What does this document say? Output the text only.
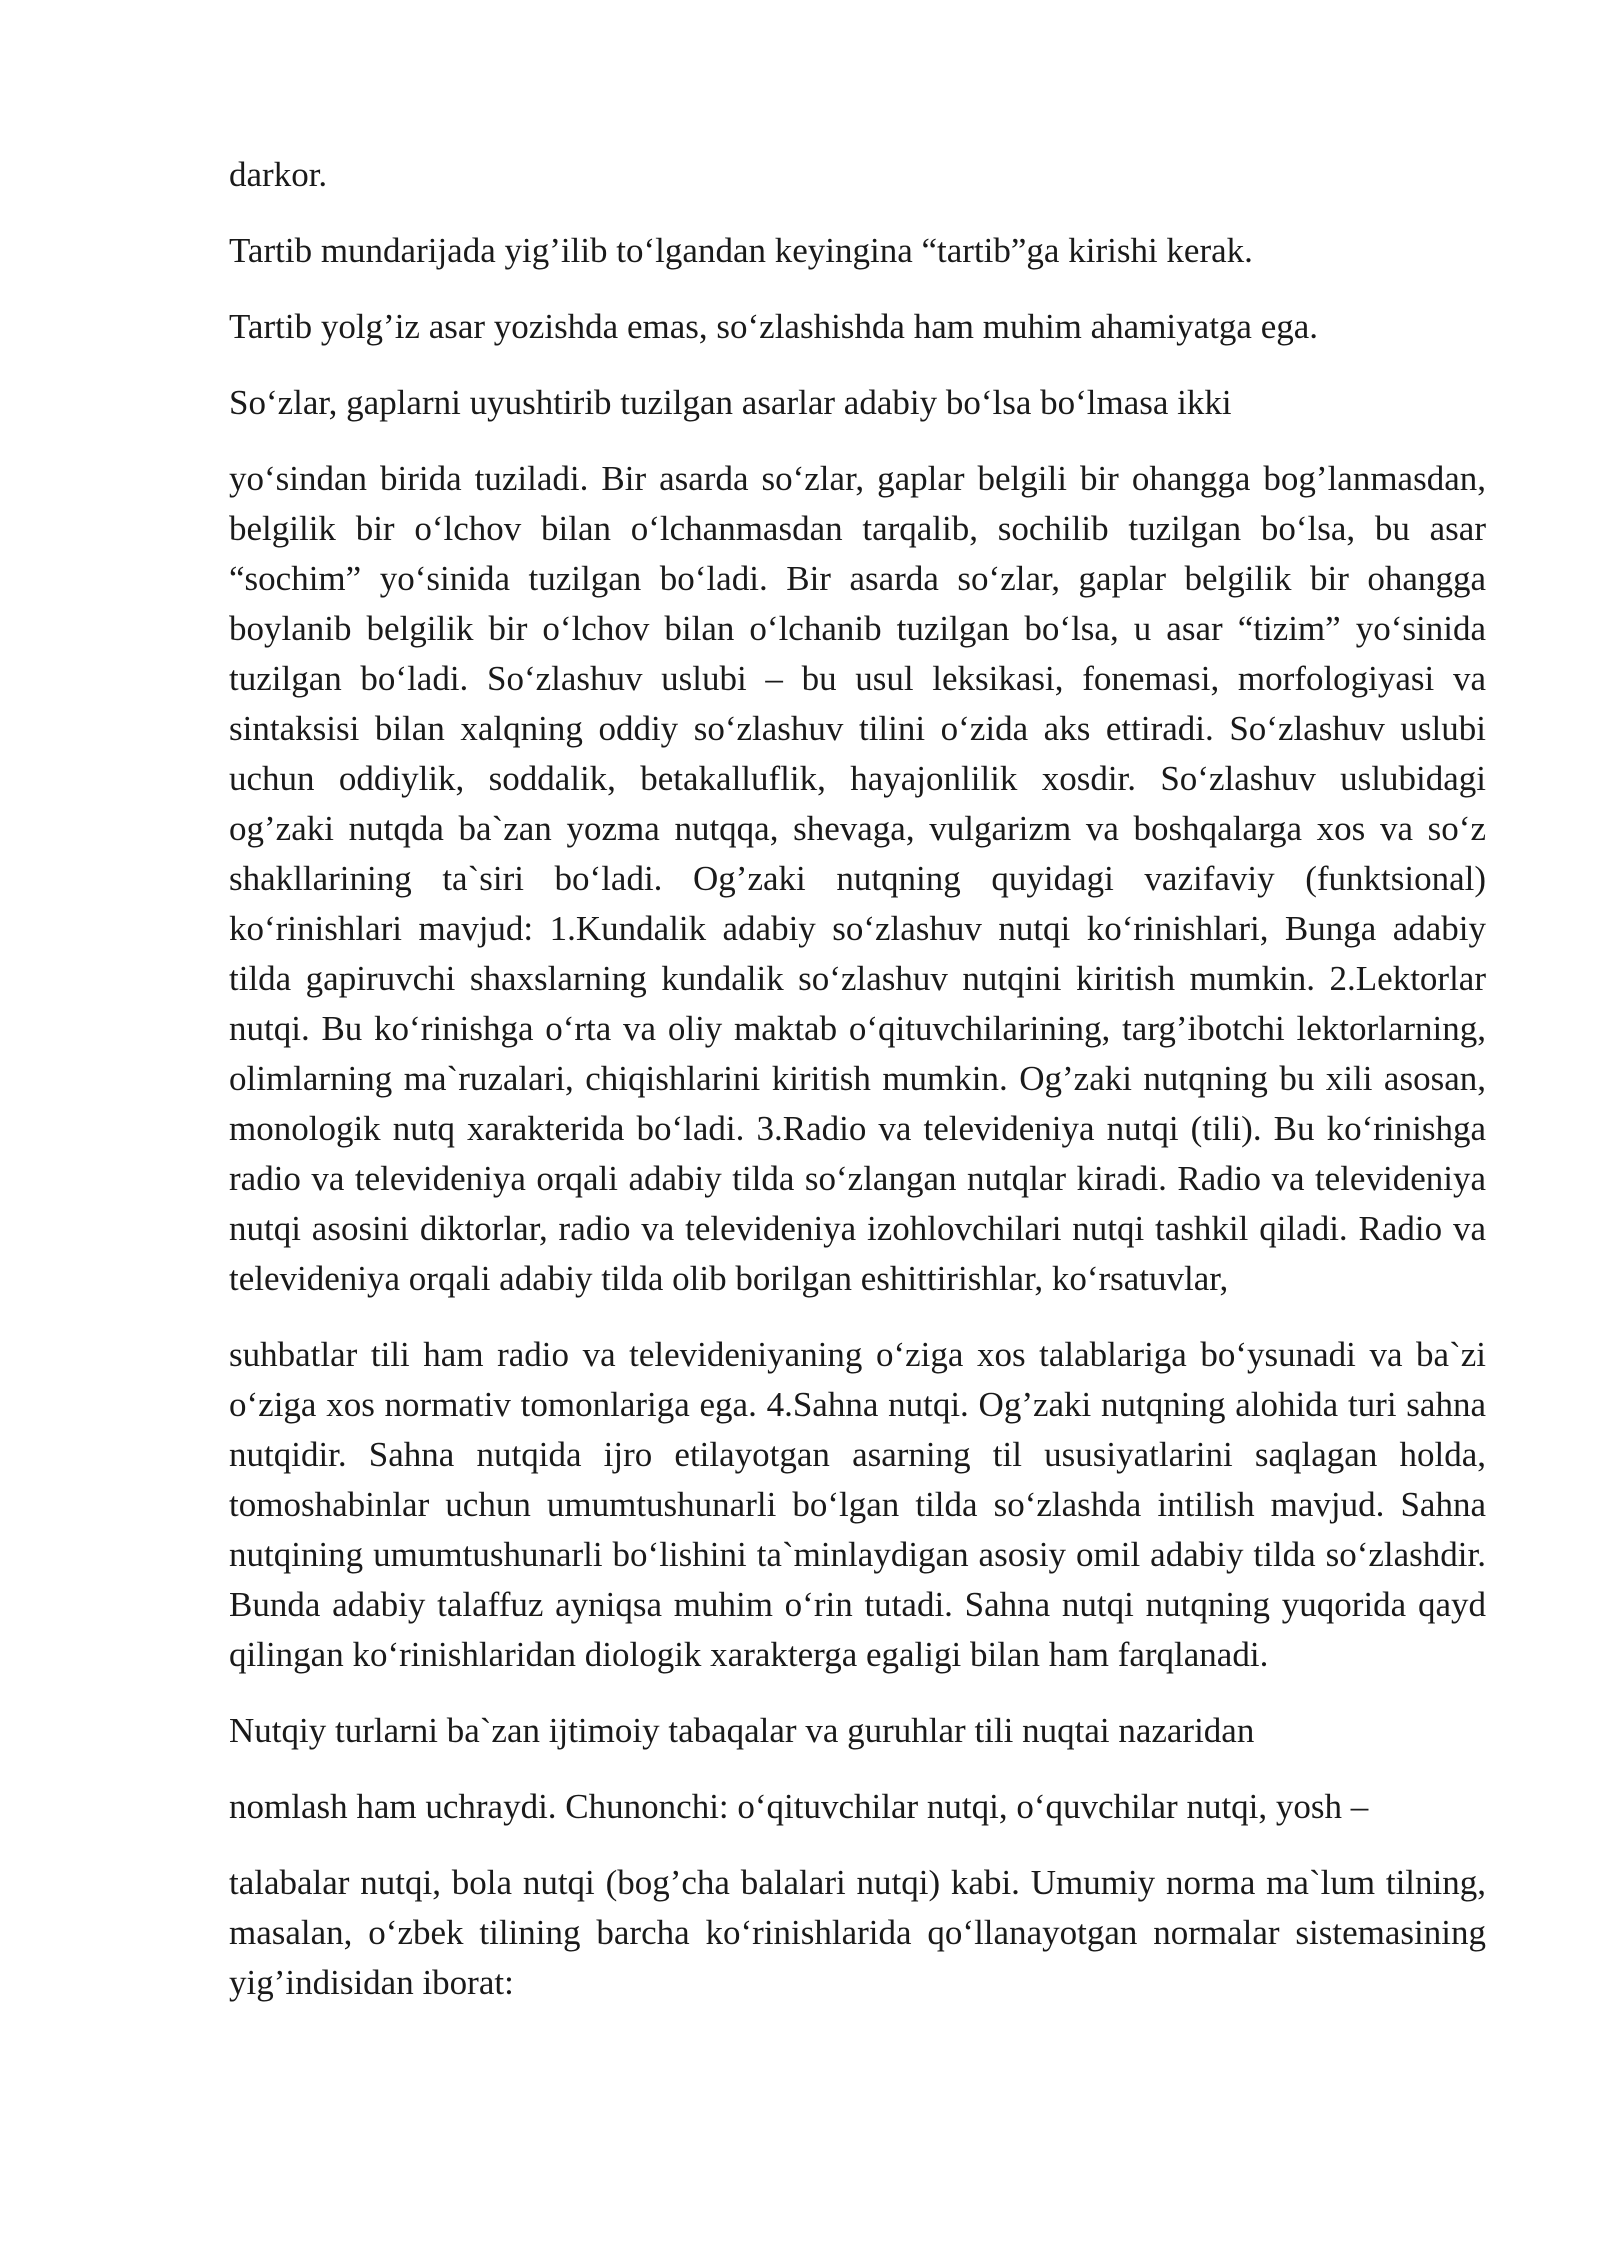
darkor.

Tartib mundarijada yig’ilib to‘lgandan keyingina “tartib”ga kirishi kerak.

Tartib yolg’iz asar yozishda emas, so‘zlashishda ham muhim ahamiyatga ega.

So‘zlar, gaplarni uyushtirib tuzilgan asarlar adabiy bo‘lsa bo‘lmasa ikki

yo‘sindan biridа tuziladi. Bir asarda so‘zlar, gaplar belgili bir ohangga bog’lanmasdan, belgilik bir o‘lchov bilan o‘lchanmasdan tarqalib, sochilib tuzilgan bo‘lsa, bu asar “sochim” yo‘sinida tuzilgan bo‘ladi. Bir asarda so‘zlar, gaplar belgilik bir ohangga boylanib belgilik bir o‘lchov bilan o‘lchanib tuzilgan bo‘lsa, u asar “tizim” yo‘sinida tuzilgan bo‘ladi. So‘zlashuv uslubi – bu usul leksikasi, fonemasi, morfologiyasi va sintaksisi bilan xalqning oddiy so‘zlashuv tilini o‘zida aks ettiradi. So‘zlashuv uslubi uchun oddiylik, soddalik, betakalluflik, hayajonlilik xosdir. So‘zlashuv uslubidagi og’zaki nutqda ba`zan yozma nutqqa, shevaga, vulgarizm va boshqalarga xos va so‘z shakllarining ta`siri bo‘ladi. Og’zaki nutqning quyidagi vazifaviy (funktsional) ko‘rinishlari mavjud: 1.Kundalik adabiy so‘zlashuv nutqi ko‘rinishlari, Bunga adabiy tilda gapiruvchi shaxslarning kundalik so‘zlashuv nutqini kiritish mumkin. 2.Lektorlar nutqi. Bu ko‘rinishga o‘rta va oliy maktab o‘qituvchilarining, targ’ibotchi lektorlarning, olimlarning ma`ruzalari, chiqishlarini kiritish mumkin. Og’zaki nutqning bu xili asosan, monologik nutq xarakterida bo‘ladi. 3.Radio va televideniya nutqi (tili). Bu ko‘rinishga radio va televideniya orqali adabiy tilda so‘zlangan nutqlar kiradi. Radio va televideniya nutqi asosini diktorlar, radio va televideniya izohlovchilari nutqi tashkil qiladi. Radio va televideniya orqali adabiy tilda olib borilgan eshittirishlar, ko‘rsatuvlar,

suhbatlar tili ham radio va televideniyaning o‘ziga xos talablariga bo‘ysunadi va ba`zi o‘ziga xos normativ tomonlariga ega. 4.Sahna nutqi. Og’zaki nutqning alohida turi sahna nutqidir. Sahna nutqida ijro etilayotgan asarning til ususiyatlarini saqlagan holda, tomoshabinlar uchun umumtushunarli bo‘lgan tilda so‘zlashda intilish mavjud. Sahna nutqining umumtushunarli bo‘lishini ta`minlaydigan asosiy omil adabiy tilda so‘zlashdir. Bunda adabiy talaffuz ayniqsa muhim o‘rin tutadi. Sahna nutqi nutqning yuqorida qayd qilingan ko‘rinishlaridan diologik xarakterga egaligi bilan ham farqlanadi.

Nutqiy turlarni ba`zan ijtimoiy tabaqalar va guruhlar tili nuqtai nazaridan

nomlash ham uchraydi. Chunonchi: o‘qituvchilar nutqi, o‘quvchilar nutqi, yosh –

talabalar nutqi, bola nutqi (bog’cha balalari nutqi) kabi. Umumiy norma ma`lum tilning, masalan, o‘zbek tilining barcha ko‘rinishlarida qo‘llanayotgan normalar sistemasining yig’indisidan iborat:
